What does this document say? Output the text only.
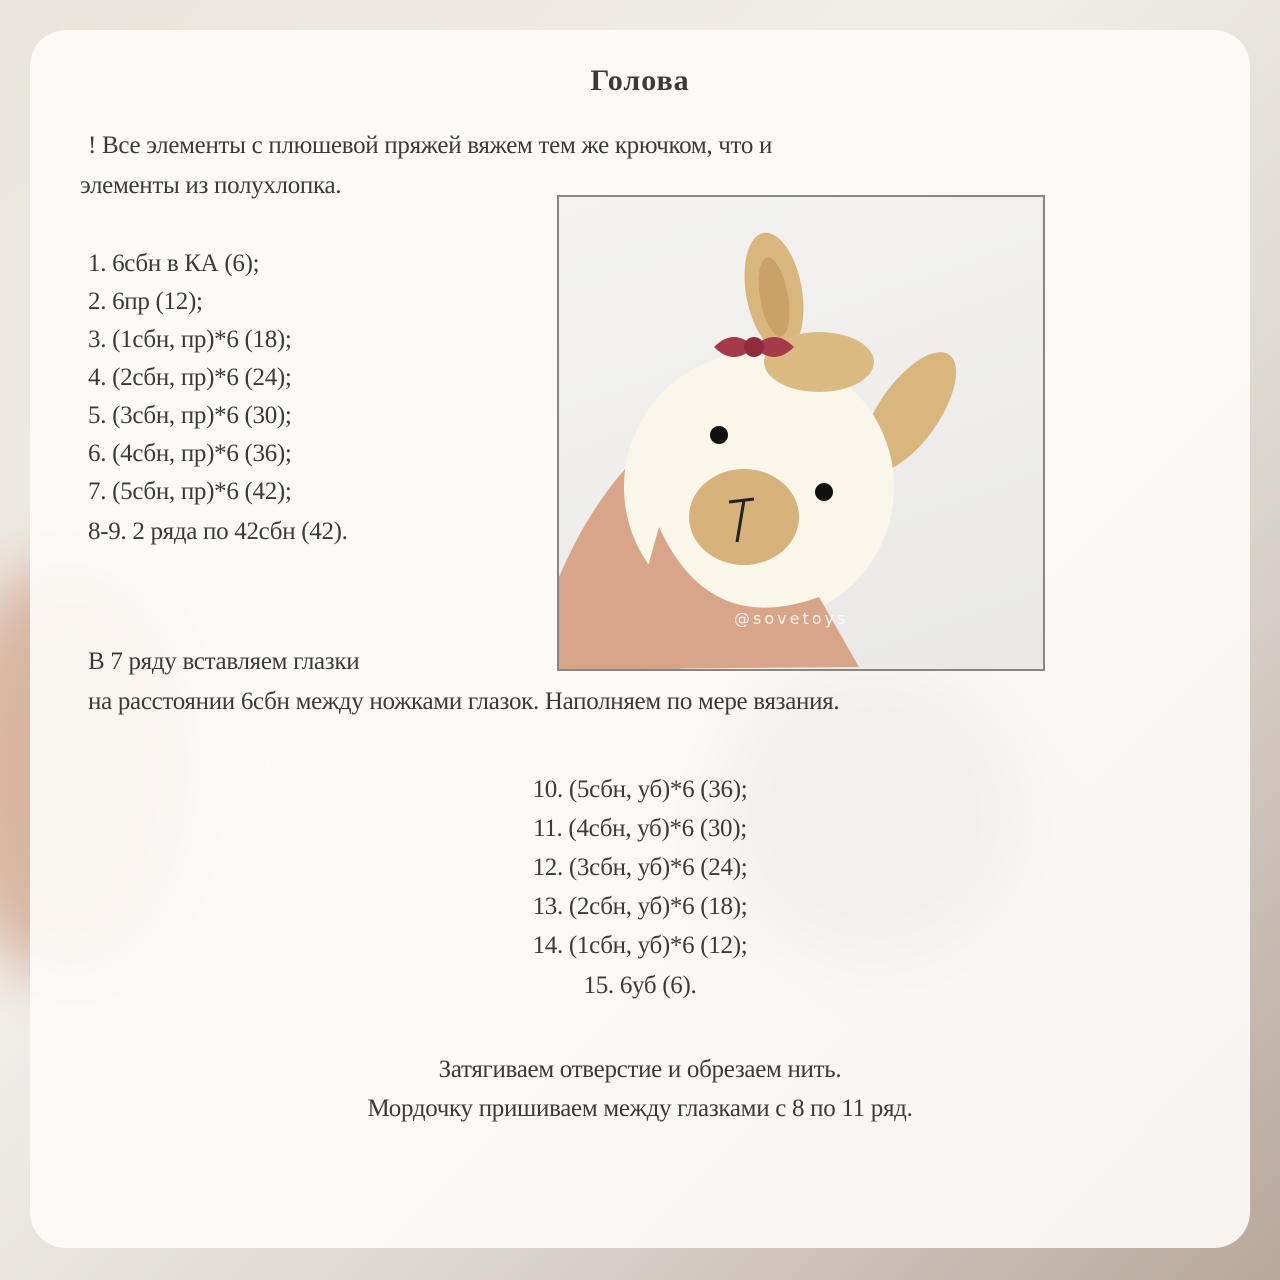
Голова
! Все элементы с плюшевой пряжей вяжем тем же крючком, что и
элементы из полухлопка.
1. 6сбн в КА (6);
2. 6пр (12);
3. (1сбн, пр)*6 (18);
4. (2сбн, пр)*6 (24);
5. (3сбн, пр)*6 (30);
6. (4сбн, пр)*6 (36);
7. (5сбн, пр)*6 (42);
8-9. 2 ряда по 42сбн (42).
@sovetoys
В 7 ряду вставляем глазки
на расстоянии 6сбн между ножками глазок. Наполняем по мере вязания.
10. (5сбн, уб)*6 (36);
11. (4сбн, уб)*6 (30);
12. (3сбн, уб)*6 (24);
13. (2сбн, уб)*6 (18);
14. (1сбн, уб)*6 (12);
15. 6уб (6).
Затягиваем отверстие и обрезаем нить.
Мордочку пришиваем между глазками с 8 по 11 ряд.
